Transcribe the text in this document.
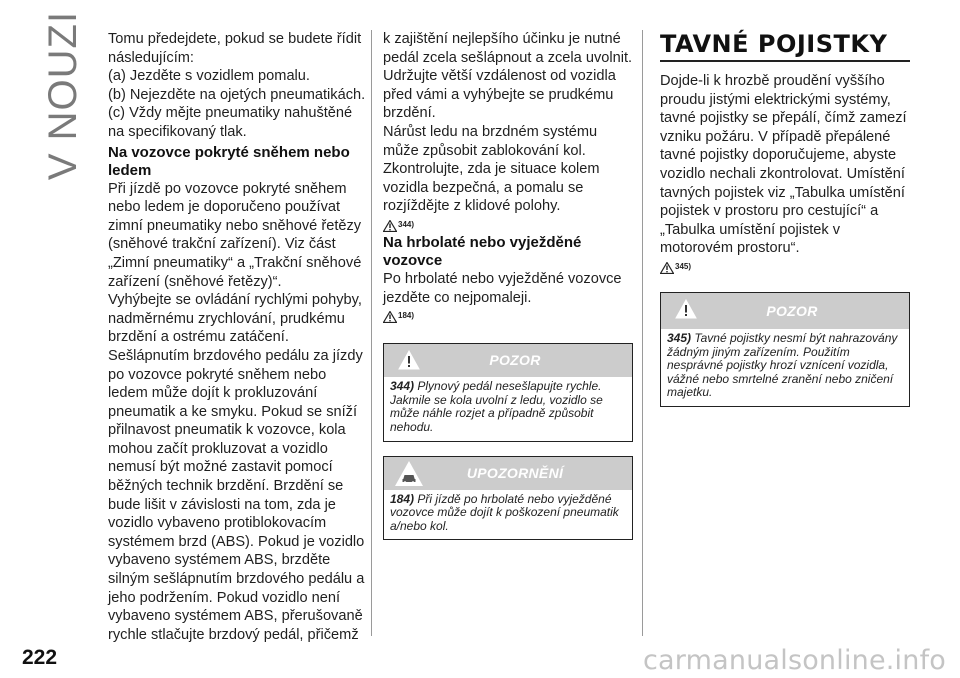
V NOUZI Tomu předejdete, pokud se budete řídit následujícím:

(a) Jezděte s vozidlem pomalu.

(b) Nejezděte na ojetých pneumatikách.

(c) Vždy mějte pneumatiky nahuštěné na specifikovaný tlak.

Na vozovce pokryté sněhem nebo ledem

Při jízdě po vozovce pokryté sněhem nebo ledem je doporučeno používat zimní pneumatiky nebo sněhové řetězy (sněhové trakční zařízení). Viz část „Zimní pneumatiky“ a „Trakční sněhové zařízení (sněhové řetězy)“.

Vyhýbejte se ovládání rychlými pohyby, nadměrnému zrychlování, prudkému brzdění a ostrému zatáčení.

Sešlápnutím brzdového pedálu za jízdy po vozovce pokryté sněhem nebo ledem může dojít k prokluzování pneumatik a ke smyku. Pokud se sníží přilnavost pneumatik k vozovce, kola mohou začít prokluzovat a vozidlo nemusí být možné zastavit pomocí běžných technik brzdění. Brzdění se bude lišit v závislosti na tom, zda je vozidlo vybaveno protiblokovacím systémem brzd (ABS). Pokud je vozidlo vybaveno systémem ABS, brzděte silným sešlápnutím brzdového pedálu a jeho podržením. Pokud vozidlo není vybaveno systémem ABS, přerušovaně rychle stlačujte brzdový pedál, přičemž

k zajištění nejlepšího účinku je nutné pedál zcela sešlápnout a zcela uvolnit.

Udržujte větší vzdálenost od vozidla před vámi a vyhýbejte se prudkému brzdění.

Nárůst ledu na brzdném systému může způsobit zablokování kol.

Zkontrolujte, zda je situace kolem vozidla bezpečná, a pomalu se rozjížděјte z klidové polohy.

344)
Na hrbolaté nebo vyježděné vozovce

Po hrbolaté nebo vyježděné vozovce jezděte co nejpomaleji.

184)
POZOR
344) Plynový pedál nesešlapujte rychle. Jakmile se kola uvolní z ledu, vozidlo se může náhle rozjet a případně způsobit nehodu.
UPOZORNĚNÍ
184) Při jízdě po hrbolaté nebo vyježděné vozovce může dojít k poškození pneumatik a/nebo kol.
TAVNÉ POJISTKY

Dojde-li k hrozbě proudění vyššího proudu jistými elektrickými systémy, tavné pojistky se přepálí, čímž zamezí vzniku požáru. V případě přepálené tavné pojistky doporučujeme, abyste vozidlo nechali zkontrolovat. Umístění tavných pojistek viz „Tabulka umístění pojistek v prostoru pro cestující“ a „Tabulka umístění pojistek v motorovém prostoru“.

345)
POZOR
345) Tavné pojistky nesmí být nahrazovány žádným jiným zařízením. Použitím nesprávné pojistky hrozí vznícení vozidla, vážné nebo smrtelné zranění nebo zničení majetku.
222	carmanualsonline.info
